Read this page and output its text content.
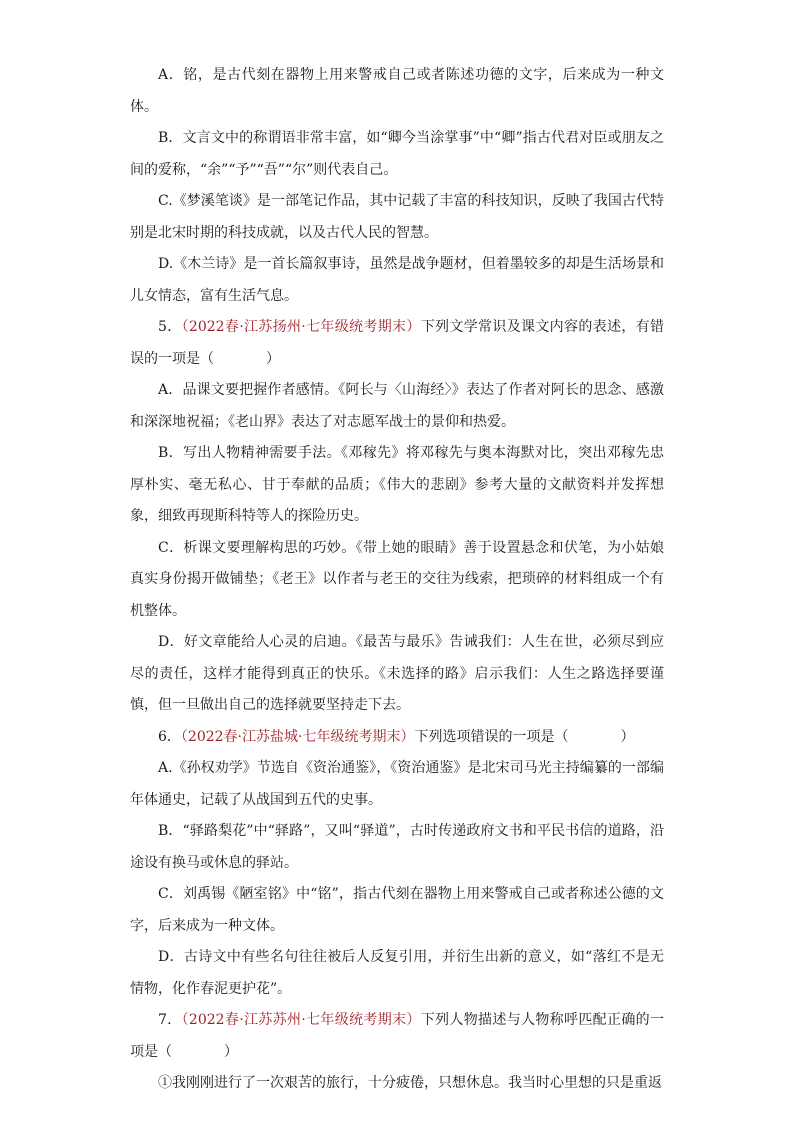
A．铭，是古代刻在器物上用来警戒自己或者陈述功德的文字，后来成为一种文体。

B．文言文中的称谓语非常丰富，如“卿今当涂掌事”中“卿”指古代君对臣或朋友之间的爱称，“余”“予”“吾”“尔”则代表自己。

C.《梦溪笔谈》是一部笔记作品，其中记载了丰富的科技知识，反映了我国古代特别是北宋时期的科技成就，以及古代人民的智慧。

D.《木兰诗》是一首长篇叙事诗，虽然是战争题材，但着墨较多的却是生活场景和儿女情态，富有生活气息。

5．（2022春·江苏扬州·七年级统考期末）下列文学常识及课文内容的表述，有错误的一项是（	）

A．品课文要把握作者感情。《阿长与〈山海经〉》表达了作者对阿长的思念、感激和深深地祝福；《老山界》表达了对志愿军战士的景仰和热爱。

B．写出人物精神需要手法。《邓稼先》将邓稼先与奥本海默对比，突出邓稼先忠厚朴实、毫无私心、甘于奉献的品质；《伟大的悲剧》参考大量的文献资料并发挥想象，细致再现斯科特等人的探险历史。

C．析课文要理解构思的巧妙。《带上她的眼睛》善于设置悬念和伏笔，为小姑娘真实身份揭开做铺垫；《老王》以作者与老王的交往为线索，把琐碎的材料组成一个有机整体。

D．好文章能给人心灵的启迪。《最苦与最乐》告诫我们：人生在世，必须尽到应尽的责任，这样才能得到真正的快乐。《未选择的路》启示我们：人生之路选择要谨慎，但一旦做出自己的选择就要坚持走下去。

6．（2022春·江苏盐城·七年级统考期末）下列选项错误的一项是（	）

A.《孙权劝学》节选自《资治通鉴》，《资治通鉴》是北宋司马光主持编纂的一部编年体通史，记载了从战国到五代的史事。

B．“驿路梨花”中“驿路”，又叫“驿道”，古时传递政府文书和平民书信的道路，沿途设有换马或休息的驿站。

C．刘禹锡《陋室铭》中“铭”，指古代刻在器物上用来警戒自己或者称述公德的文字，后来成为一种文体。

D．古诗文中有些名句往往被后人反复引用，并衍生出新的意义，如“落红不是无情物，化作春泥更护花”。

7．（2022春·江苏苏州·七年级统考期末）下列人物描述与人物称呼匹配正确的一项是（	）

①我刚刚进行了一次艰苦的旅行，十分疲倦，只想休息。我当时心里想的只是重返
